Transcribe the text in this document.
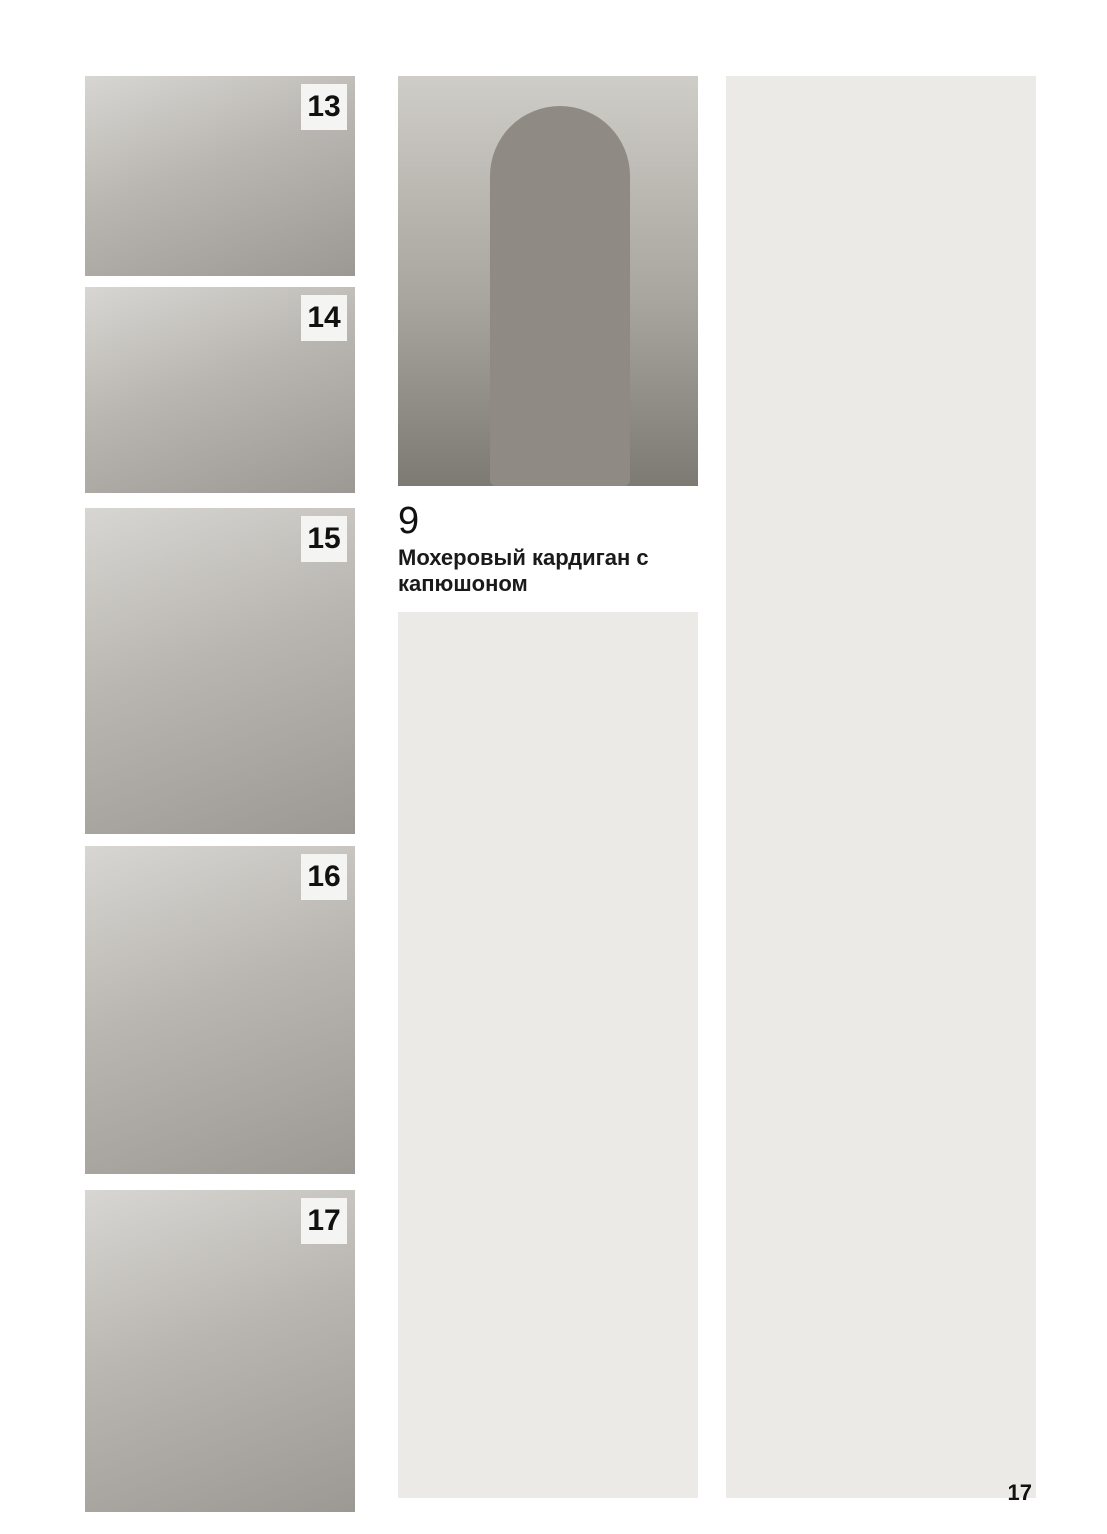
13
14
15
16
17
9
Мохеровый кардиган с капюшоном
17
